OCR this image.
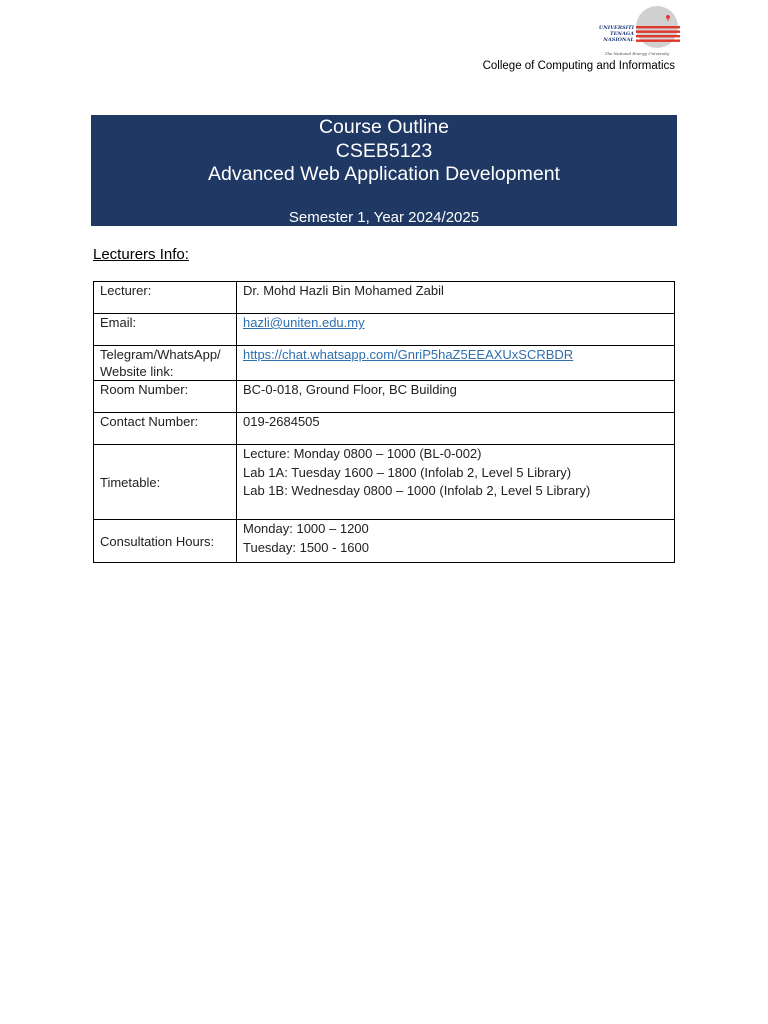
UNIVERSITI
TENAGA
NASIONAL
The National Energy University
College of Computing and Informatics
Course Outline
CSEB5123
Advanced Web Application Development
Semester 1, Year 2024/2025
Lecturers Info:
Lecturer:	Dr. Mohd Hazli Bin Mohamed Zabil
Email:	hazli@uniten.edu.my
Telegram/WhatsApp/ Website link:	https://chat.whatsapp.com/GnriP5haZ5EEAXUxSCRBDR
Room Number:	BC-0-018, Ground Floor, BC Building
Contact Number:	019-2684505
Timetable:	Lecture: Monday 0800 – 1000 (BL-0-002)
Lab 1A: Tuesday 1600 – 1800 (Infolab 2, Level 5 Library)
Lab 1B: Wednesday 0800 – 1000 (Infolab 2, Level 5 Library)

Consultation Hours:	Monday: 1000 – 1200
Tuesday: 1500 - 1600
